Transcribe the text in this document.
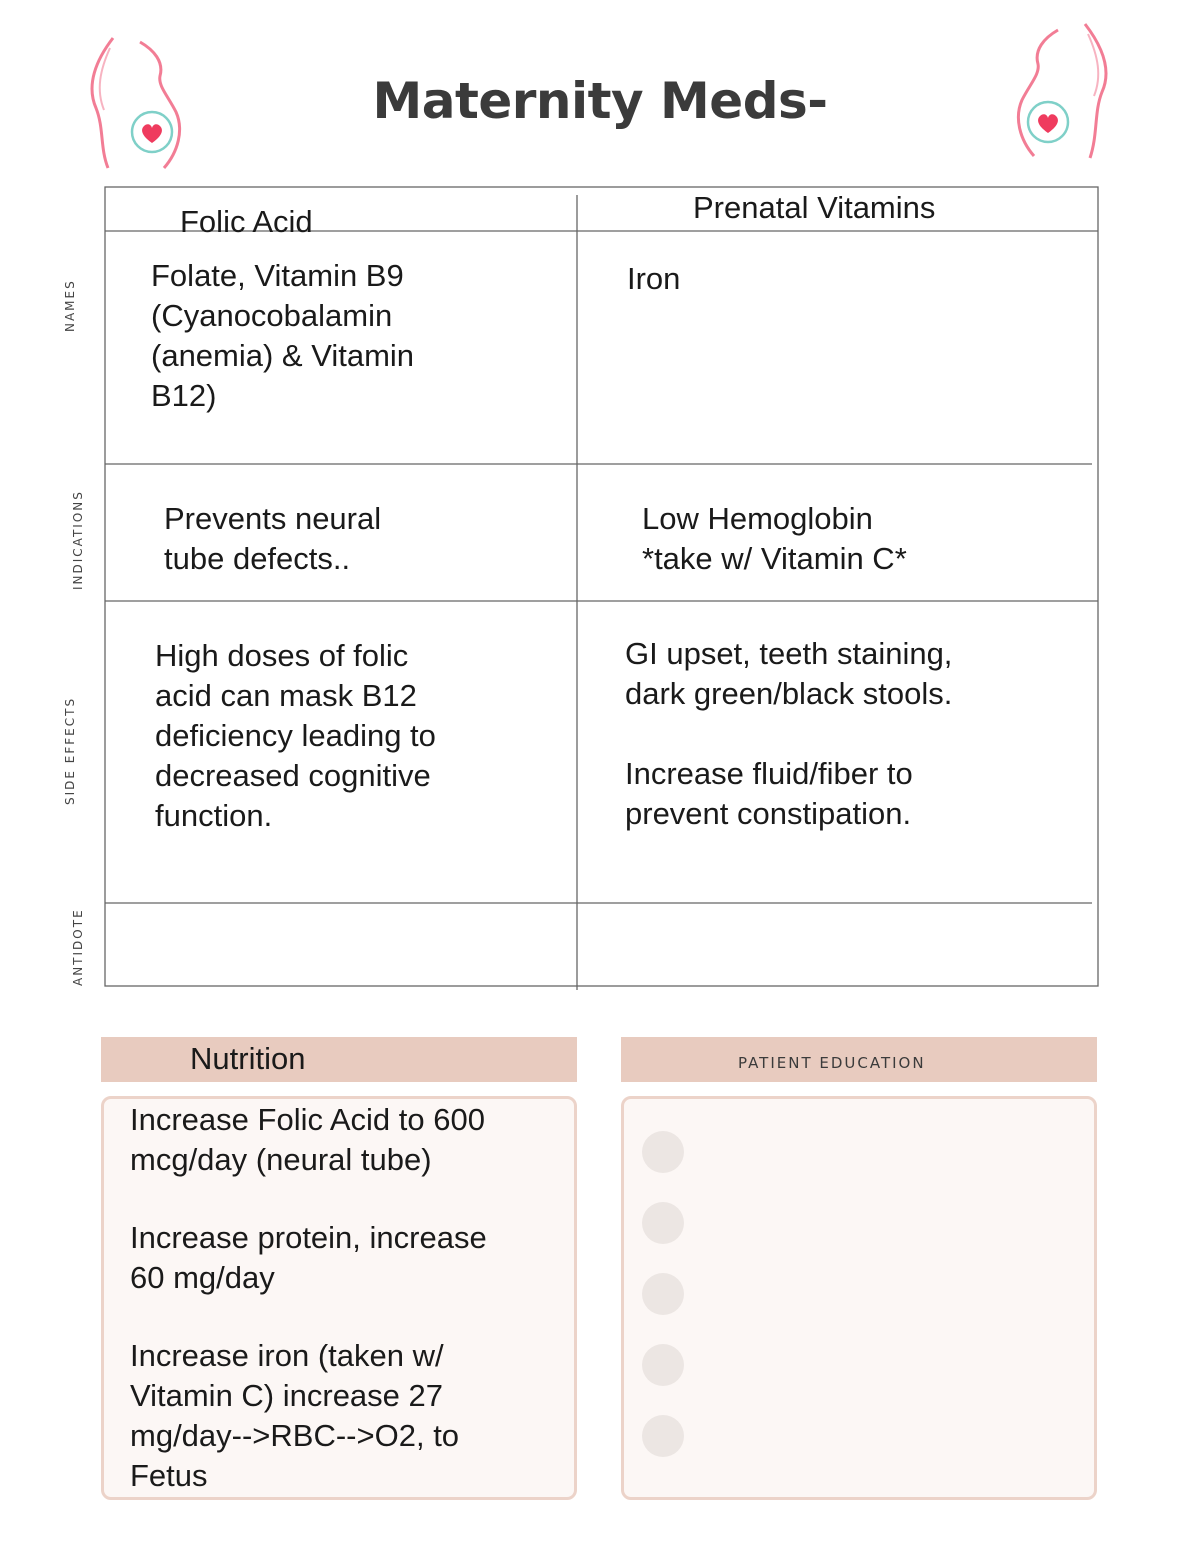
Maternity Meds-
NAMES
INDICATIONS
SIDE EFFECTS
ANTIDOTE
Folic Acid	Prenatal Vitamins

Folate, Vitamin B9

(Cyanocobalamin

(anemia) & Vitamin

B12)

Iron

Prevents neural

tube defects..

Low Hemoglobin

*take w/ Vitamin C*

High doses of folic

acid can mask B12

deficiency leading to

decreased cognitive

function.

GI upset, teeth staining,

dark green/black stools.

Increase fluid/fiber to

prevent constipation.

Nutrition

Increase Folic Acid to 600

mcg/day (neural tube)

Increase protein, increase

60 mg/day

Increase iron (taken w/

Vitamin C) increase 27

mg/day-->RBC-->O2, to

Fetus

PATIENT EDUCATION
